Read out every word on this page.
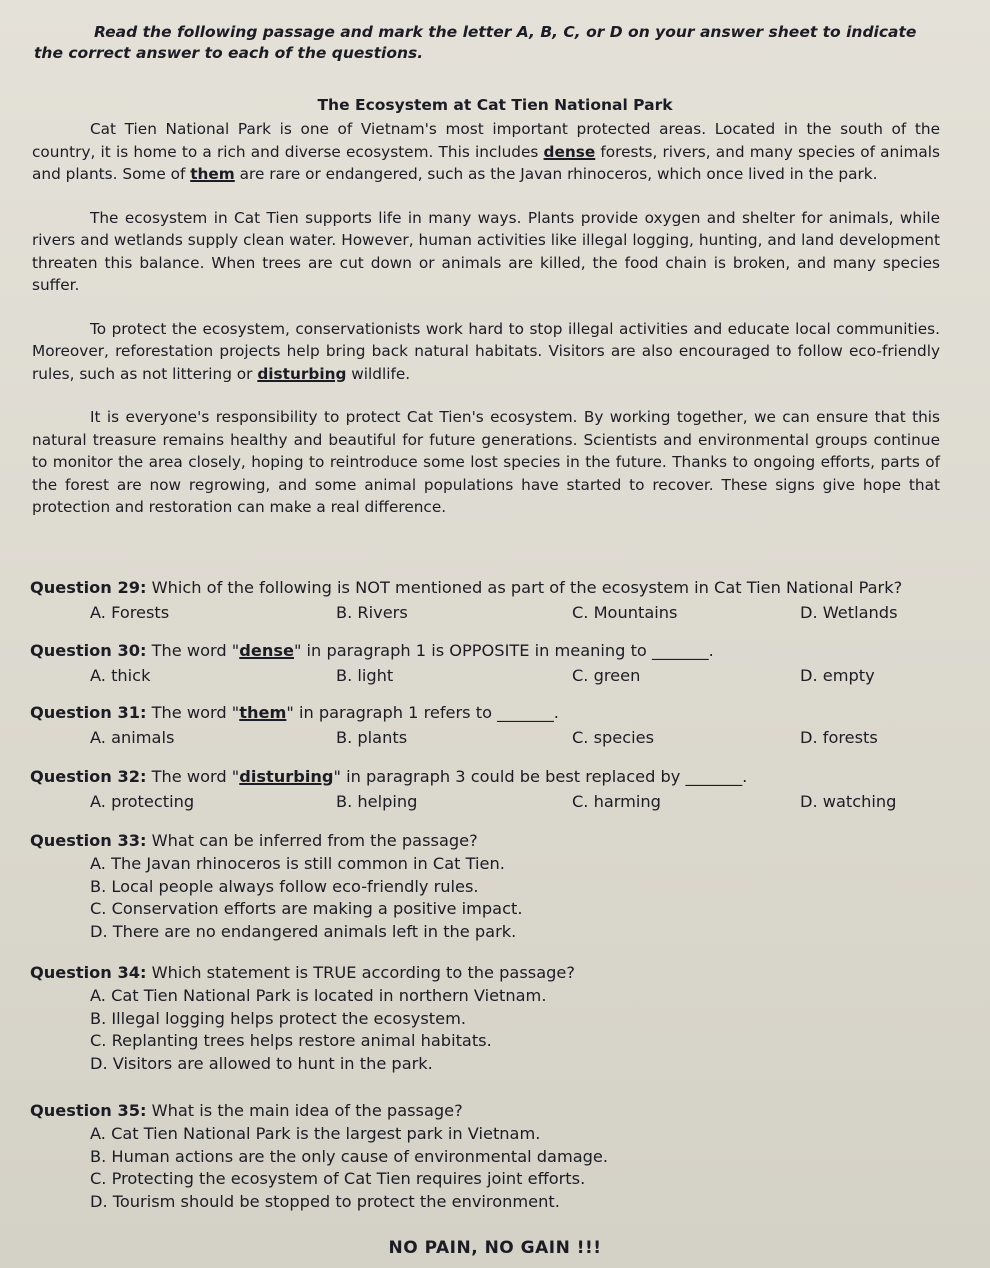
Read the following passage and mark the letter A, B, C, or D on your answer sheet to indicate

the correct answer to each of the questions.

The Ecosystem at Cat Tien National Park

Cat Tien National Park is one of Vietnam's most important protected areas. Located in the south of the country, it is home to a rich and diverse ecosystem. This includes dense forests, rivers, and many species of animals and plants. Some of them are rare or endangered, such as the Javan rhinoceros, which once lived in the park.

The ecosystem in Cat Tien supports life in many ways. Plants provide oxygen and shelter for animals, while rivers and wetlands supply clean water. However, human activities like illegal logging, hunting, and land development threaten this balance. When trees are cut down or animals are killed, the food chain is broken, and many species suffer.

To protect the ecosystem, conservationists work hard to stop illegal activities and educate local communities. Moreover, reforestation projects help bring back natural habitats. Visitors are also encouraged to follow eco-friendly rules, such as not littering or disturbing wildlife.

It is everyone's responsibility to protect Cat Tien's ecosystem. By working together, we can ensure that this natural treasure remains healthy and beautiful for future generations. Scientists and environmental groups continue to monitor the area closely, hoping to reintroduce some lost species in the future. Thanks to ongoing efforts, parts of the forest are now regrowing, and some animal populations have started to recover. These signs give hope that protection and restoration can make a real difference.

Question 29: Which of the following is NOT mentioned as part of the ecosystem in Cat Tien National Park?
A. Forests	B. Rivers	C. Mountains	D. Wetlands
Question 30: The word "dense" in paragraph 1 is OPPOSITE in meaning to _______.
A. thick	B. light	C. green	D. empty
Question 31: The word "them" in paragraph 1 refers to _______.
A. animals	B. plants	C. species	D. forests
Question 32: The word "disturbing" in paragraph 3 could be best replaced by _______.
A. protecting	B. helping	C. harming	D. watching
Question 33: What can be inferred from the passage?
A. The Javan rhinoceros is still common in Cat Tien.
B. Local people always follow eco-friendly rules.
C. Conservation efforts are making a positive impact.
D. There are no endangered animals left in the park.
Question 34: Which statement is TRUE according to the passage?
A. Cat Tien National Park is located in northern Vietnam.
B. Illegal logging helps protect the ecosystem.
C. Replanting trees helps restore animal habitats.
D. Visitors are allowed to hunt in the park.
Question 35: What is the main idea of the passage?
A. Cat Tien National Park is the largest park in Vietnam.
B. Human actions are the only cause of environmental damage.
C. Protecting the ecosystem of Cat Tien requires joint efforts.
D. Tourism should be stopped to protect the environment.
NO PAIN, NO GAIN !!!
